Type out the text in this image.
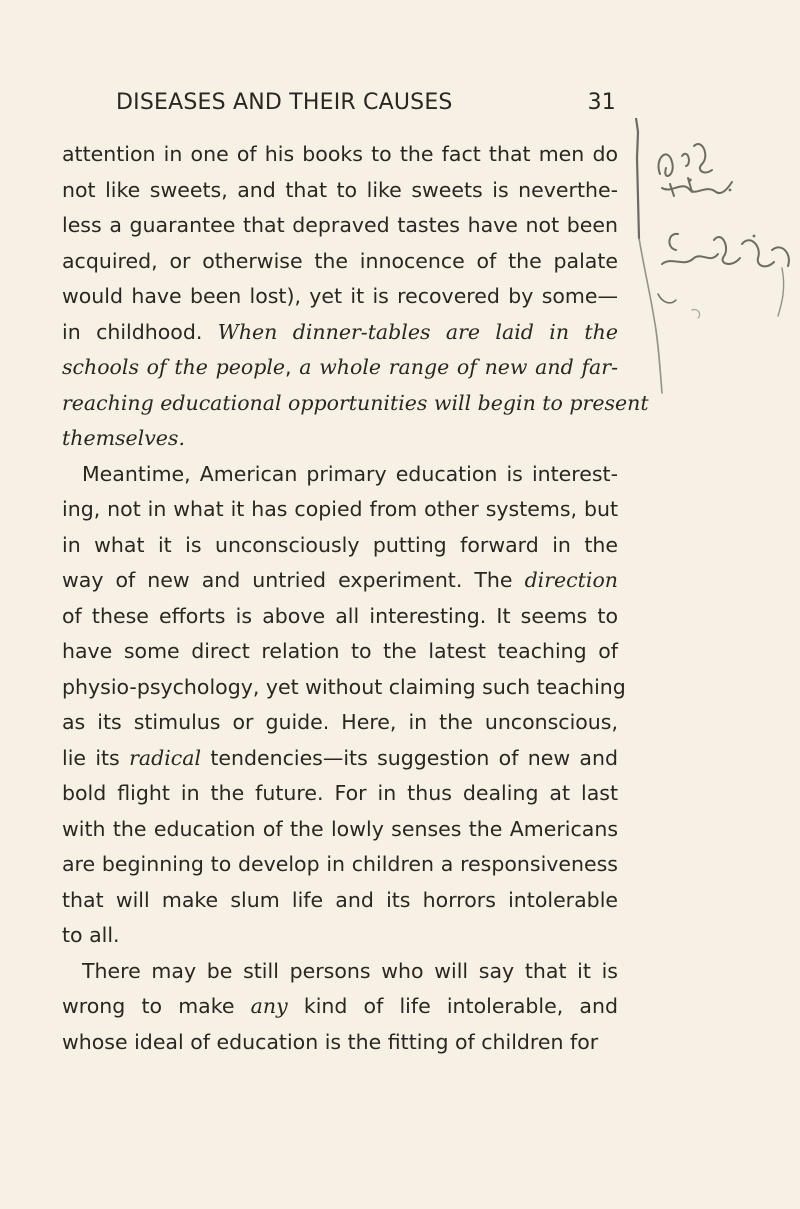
DISEASES AND THEIR CAUSES	31
attention in one of his books to the fact that men do
not like sweets, and that to like sweets is neverthe-
less a guarantee that depraved tastes have not been
acquired, or otherwise the innocence of the palate
would have been lost), yet it is recovered by some—
in childhood. When dinner-tables are laid in the
schools of the people, a whole range of new and far-
reaching educational opportunities will begin to present
themselves.
Meantime, American primary education is interest-
ing, not in what it has copied from other systems, but
in what it is unconsciously putting forward in the
way of new and untried experiment. The direction
of these efforts is above all interesting. It seems to
have some direct relation to the latest teaching of
physio-psychology, yet without claiming such teaching
as its stimulus or guide. Here, in the unconscious,
lie its radical tendencies—its suggestion of new and
bold flight in the future. For in thus dealing at last
with the education of the lowly senses the Americans
are beginning to develop in children a responsiveness
that will make slum life and its horrors intolerable
to all.
There may be still persons who will say that it is
wrong to make any kind of life intolerable, and
whose ideal of education is the fitting of children for
